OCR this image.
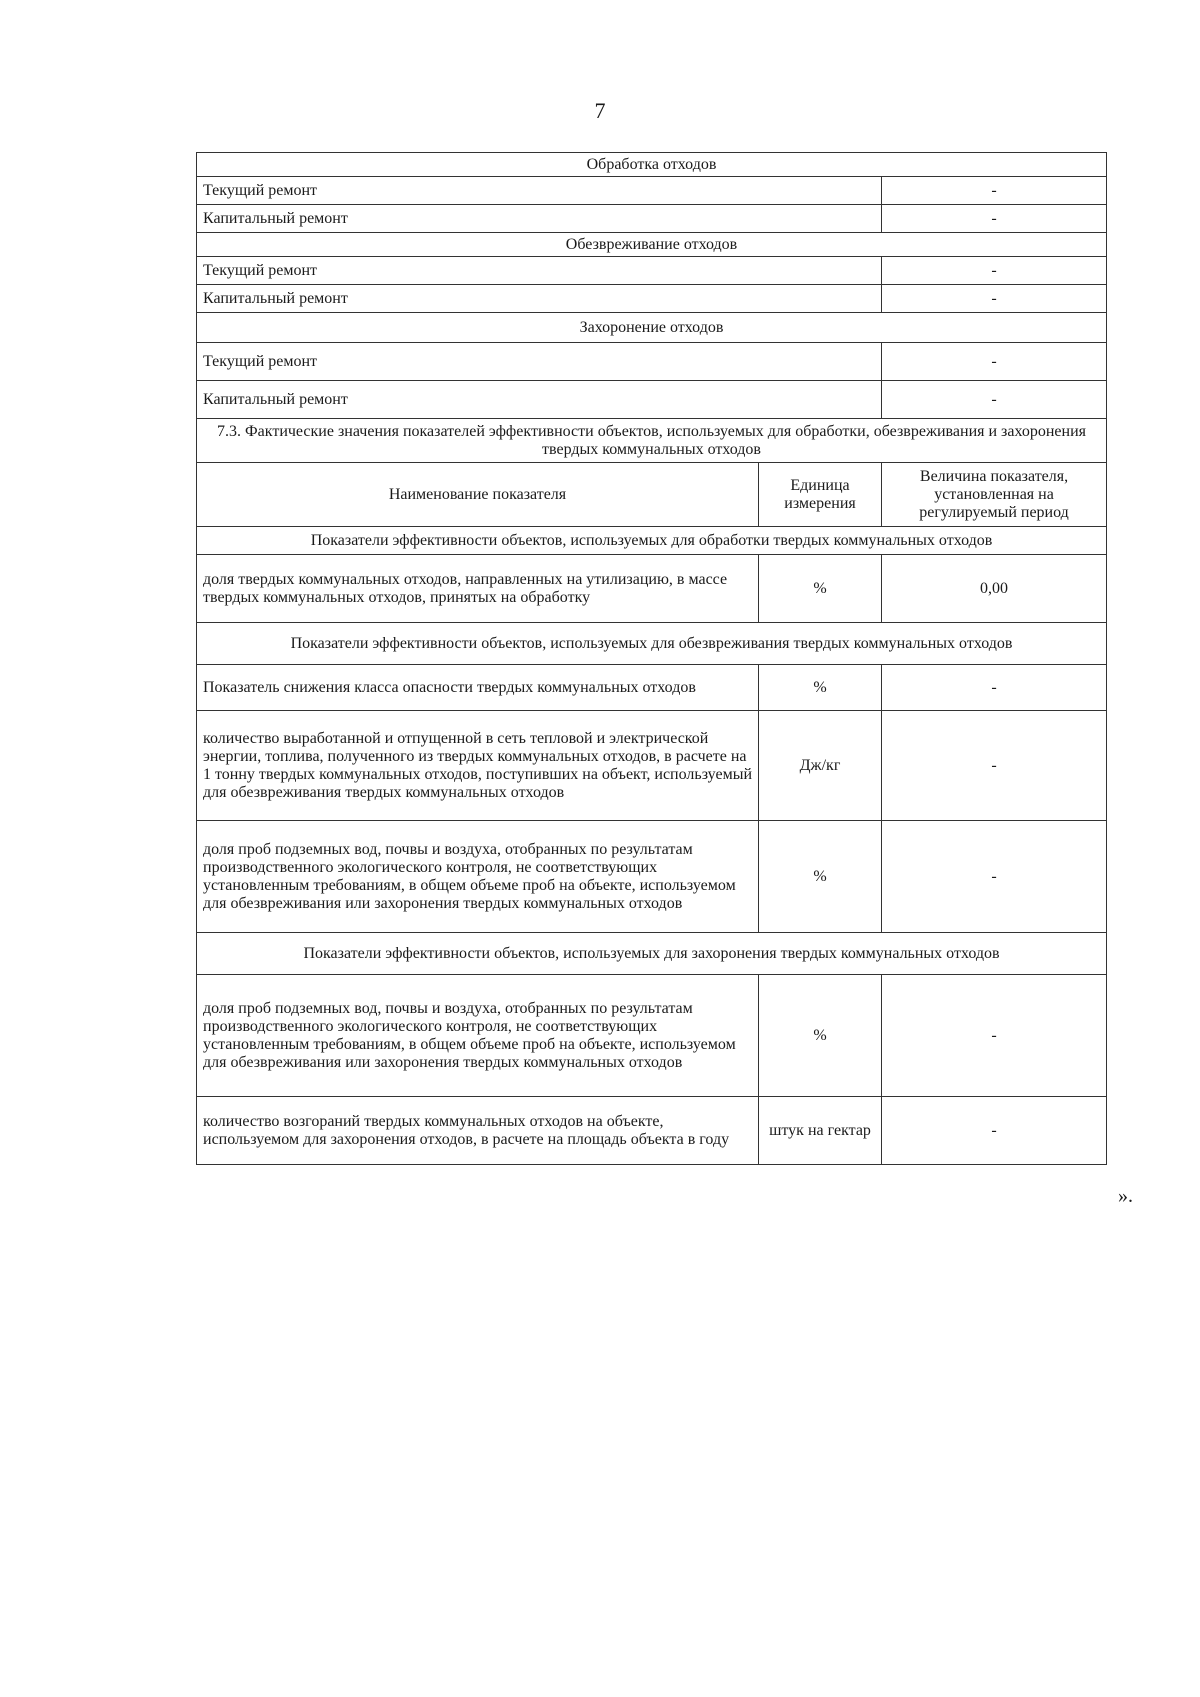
7
Обработка отходов		
Текущий ремонт		-
Капитальный ремонт		-
Обезвреживание отходов		
Текущий ремонт		-
Капитальный ремонт		-
Захоронение отходов		
Текущий ремонт		-
Капитальный ремонт		-
7.3. Фактические значения показателей эффективности объектов, используемых для обработки, обезвреживания и захоронения твердых коммунальных отходов		
Наименование показателя	Единица измерения	Величина показателя, установленная на регулируемый период
Показатели эффективности объектов, используемых для обработки твердых коммунальных отходов		
доля твердых коммунальных отходов, направленных на утилизацию, в массе твердых коммунальных отходов, принятых на обработку	%	0,00
Показатели эффективности объектов, используемых для обезвреживания твердых коммунальных отходов		
Показатель снижения класса опасности твердых коммунальных отходов	%	-
количество выработанной и отпущенной в сеть тепловой и электрической энергии, топлива, полученного из твердых коммунальных отходов, в расчете на 1 тонну твердых коммунальных отходов, поступивших на объект, используемый для обезвреживания твердых коммунальных отходов	Дж/кг	-
доля проб подземных вод, почвы и воздуха, отобранных по результатам производственного экологического контроля, не соответствующих установленным требованиям, в общем объеме проб на объекте, используемом для обезвреживания или захоронения твердых коммунальных отходов	%	-
Показатели эффективности объектов, используемых для захоронения твердых коммунальных отходов		
доля проб подземных вод, почвы и воздуха, отобранных по результатам производственного экологического контроля, не соответствующих установленным требованиям, в общем объеме проб на объекте, используемом для обезвреживания или захоронения твердых коммунальных отходов	%	-
количество возгораний твердых коммунальных отходов на объекте, используемом для захоронения отходов, в расчете на площадь объекта в году	штук на гектар	-
».
